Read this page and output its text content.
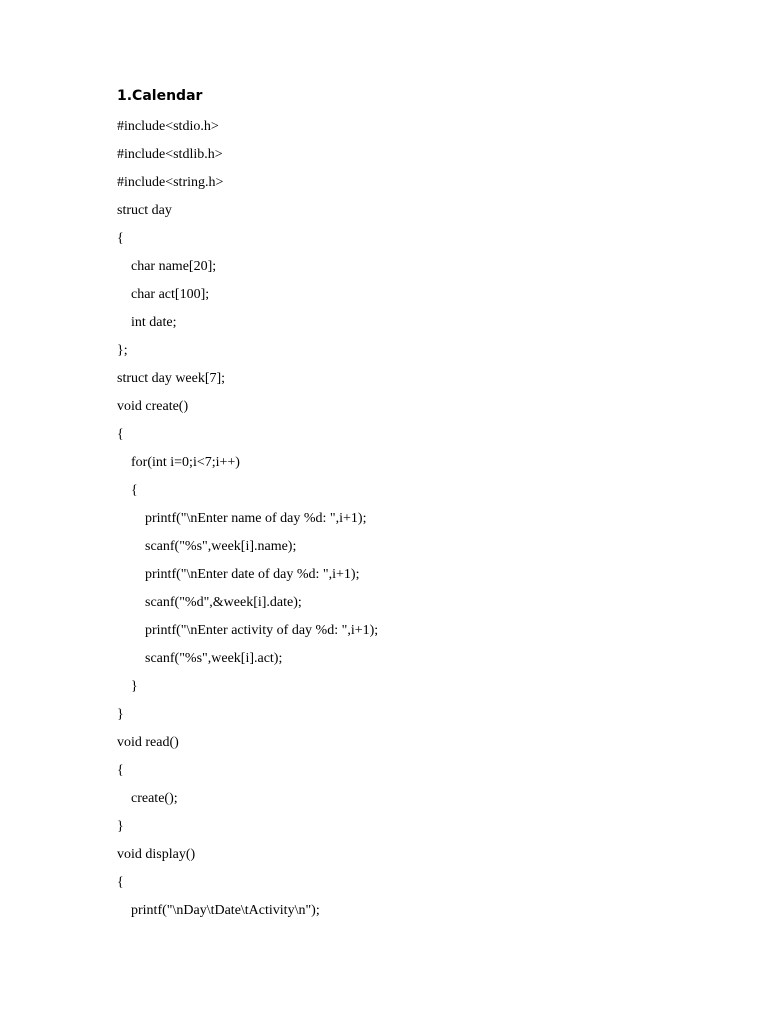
1.Calendar
#include<stdio.h>
#include<stdlib.h>
#include<string.h>
struct day
{
char name[20];
char act[100];
int date;
};
struct day week[7];
void create()
{
for(int i=0;i<7;i++)
{
printf("\nEnter name of day %d: ",i+1);
scanf("%s",week[i].name);
printf("\nEnter date of day %d: ",i+1);
scanf("%d",&week[i].date);
printf("\nEnter activity of day %d: ",i+1);
scanf("%s",week[i].act);
}
}
void read()
{
create();
}
void display()
{
printf("\nDay\tDate\tActivity\n");
